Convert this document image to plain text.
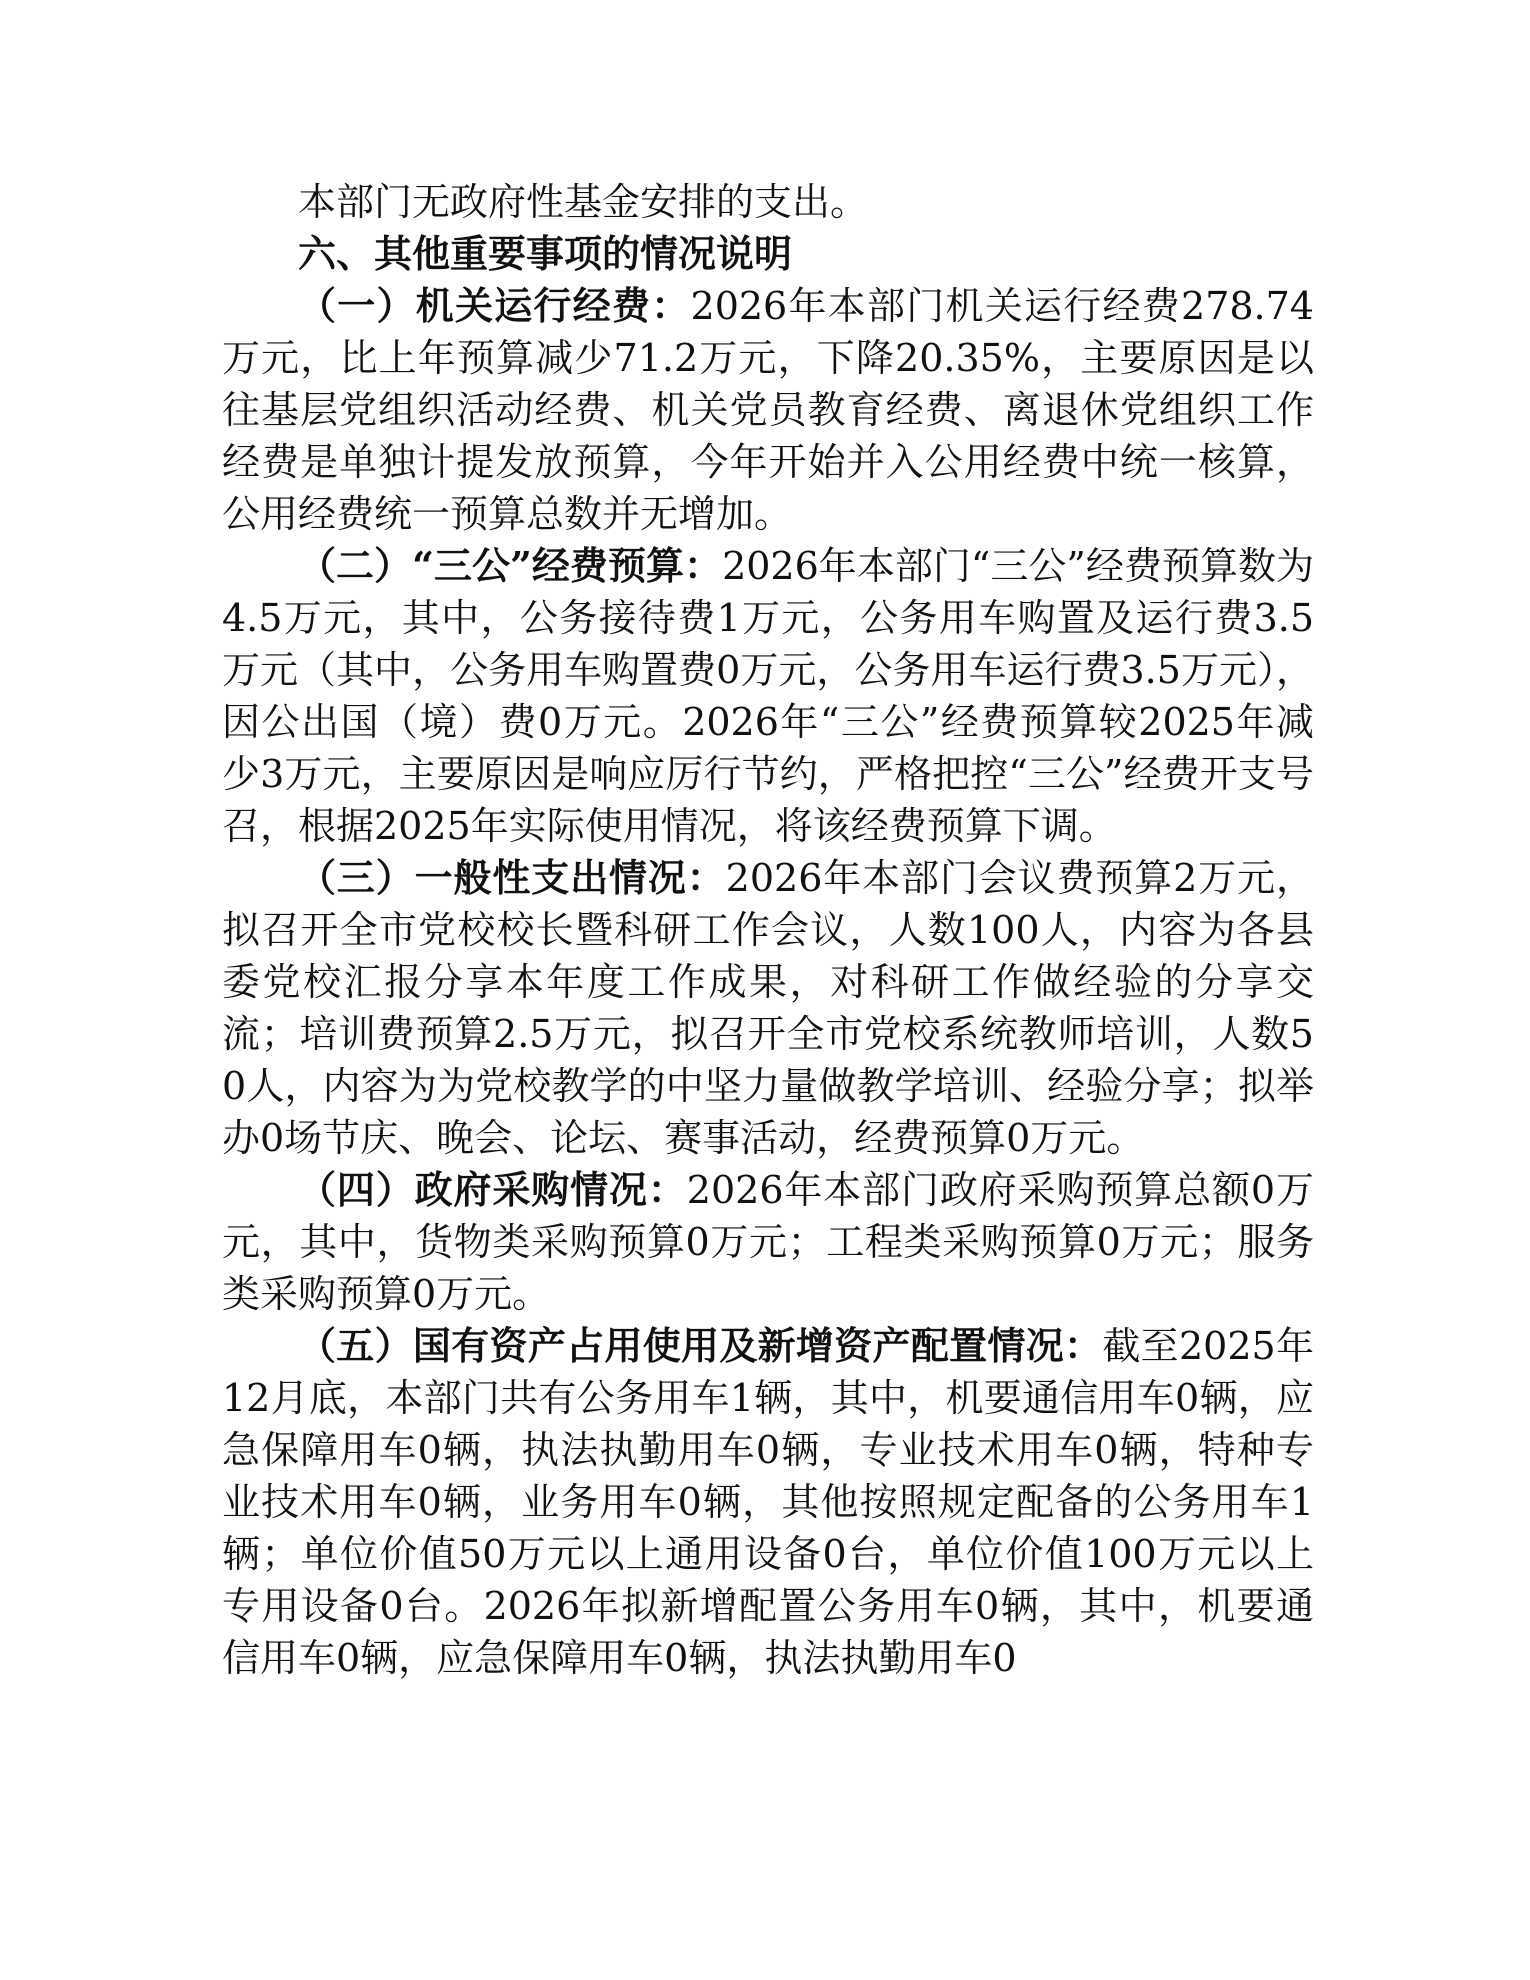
本部门无政府性基金安排的支出。

六、其他重要事项的情况说明

（一）机关运行经费：2026年本部门机关运行经费278.74万元，比上年预算减少71.2万元，下降20.35%，主要原因是以往基层党组织活动经费、机关党员教育经费、离退休党组织工作经费是单独计提发放预算，今年开始并入公用经费中统一核算，公用经费统一预算总数并无增加。

（二）“三公”经费预算：2026年本部门“三公”经费预算数为4.5万元，其中，公务接待费1万元，公务用车购置及运行费3.5万元（其中，公务用车购置费0万元，公务用车运行费3.5万元），因公出国（境）费0万元。2026年“三公”经费预算较2025年减少3万元，主要原因是响应厉行节约，严格把控“三公”经费开支号召，根据2025年实际使用情况，将该经费预算下调。

（三）一般性支出情况：2026年本部门会议费预算2万元，拟召开全市党校校长暨科研工作会议，人数100人，内容为各县委党校汇报分享本年度工作成果，对科研工作做经验的分享交流；培训费预算2.5万元，拟召开全市党校系统教师培训，人数50人，内容为为党校教学的中坚力量做教学培训、经验分享；拟举办0场节庆、晚会、论坛、赛事活动，经费预算0万元。

（四）政府采购情况：2026年本部门政府采购预算总额0万元，其中，货物类采购预算0万元；工程类采购预算0万元；服务类采购预算0万元。

（五）国有资产占用使用及新增资产配置情况：截至2025年12月底，本部门共有公务用车1辆，其中，机要通信用车0辆，应急保障用车0辆，执法执勤用车0辆，专业技术用车0辆，特种专业技术用车0辆，业务用车0辆，其他按照规定配备的公务用车1辆；单位价值50万元以上通用设备0台，单位价值100万元以上专用设备0台。2026年拟新增配置公务用车0辆，其中，机要通信用车0辆，应急保障用车0辆，执法执勤用车0
